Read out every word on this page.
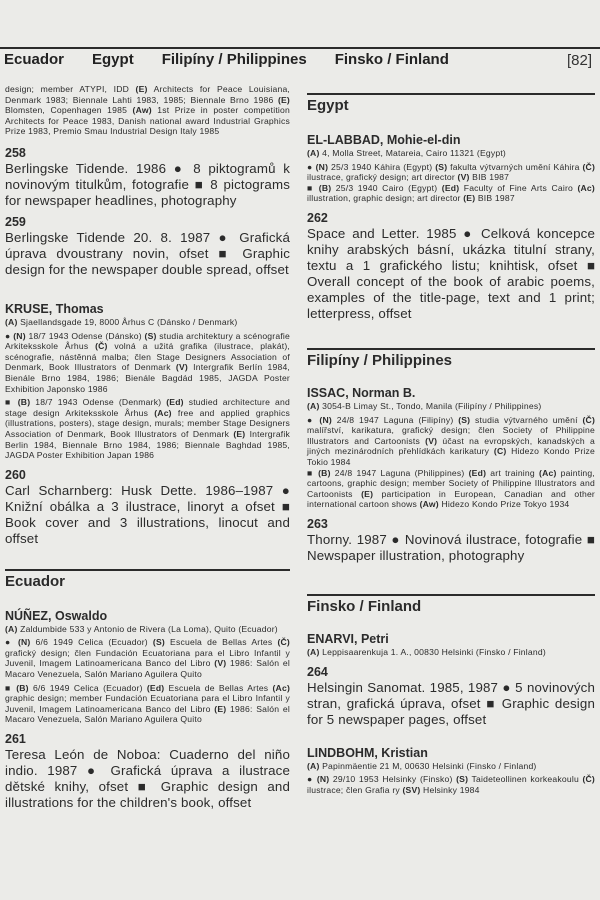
Ecuador Egypt Filipíny / Philippines Finsko / Finland	[82]

design; member ATYPI, IDD (E) Architects for Peace Louisiana, Denmark 1983; Biennale Lahti 1983, 1985; Biennale Brno 1986 (E) Blomsten, Copenhagen 1985 (Aw) 1st Prize in poster competition Architects for Peace 1983, Danish national award Industrial Graphics Prize 1983, Premio Smau Industrial Design Italy 1985

258

Berlingske Tidende. 1986 ● 8 piktogramů k novinovým titulkům, fotografie ■ 8 pictograms for newspaper headlines, photography

259

Berlingske Tidende 20. 8. 1987 ● Grafická úprava dvoustrany novin, ofset ■ Graphic design for the newspaper double spread, offset

KRUSE, Thomas

(A) Sjaellandsgade 19, 8000 Århus C (Dánsko / Denmark)

● (N) 18/7 1943 Odense (Dánsko) (S) studia architektury a scénografie Arkiteksskole Århus (Č) volná a užitá grafika (ilustrace, plakát), scénografie, nástěnná malba; člen Stage Designers Association of Denmark, Book Illustrators of Denmark (V) Intergrafik Berlín 1984, Bienále Brno 1984, 1986; Bienále Bagdád 1985, JAGDA Poster Exhibition Japonsko 1986

■ (B) 18/7 1943 Odense (Denmark) (Ed) studied architecture and stage design Arkiteksskole Århus (Ac) free and applied graphics (illustrations, posters), stage design, murals; member Stage Designers Association of Denmark, Book Illustrators of Denmark (E) Intergrafik Berlin 1984, Biennale Brno 1984, 1986; Biennale Baghdad 1985, JAGDA Poster Exhibition Japan 1986

260

Carl Scharnberg: Husk Dette. 1986–1987 ● Knižní obálka a 3 ilustrace, linoryt a ofset ■ Book cover and 3 illustrations, linocut and offset

Ecuador

NÚÑEZ, Oswaldo

(A) Zaldumbide 533 y Antonio de Rivera (La Loma), Quito (Ecuador)

● (N) 6/6 1949 Celica (Ecuador) (S) Escuela de Bellas Artes (Č) grafický design; člen Fundación Ecuatoriana para el Libro Infantil y Juvenil, Imagem Latinoamericana Banco del Libro (V) 1986: Salón el Macaro Venezuela, Salón Mariano Aguilera Quito

■ (B) 6/6 1949 Celica (Ecuador) (Ed) Escuela de Bellas Artes (Ac) graphic design; member Fundación Ecuatoriana para el Libro Infantil y Juvenil, Imagem Latinoamericana Banco del Libro (E) 1986: Salón el Macaro Venezuela, Salón Mariano Aguilera Quito

261

Teresa León de Noboa: Cuaderno del niño indio. 1987 ● Grafická úprava a ilustrace dětské knihy, ofset ■ Graphic design and illustrations for the children's book, offset

Egypt

EL-LABBAD, Mohie-el-din

(A) 4, Molla Street, Matareia, Cairo 11321 (Egypt)

● (N) 25/3 1940 Káhira (Egypt) (S) fakulta výtvarných umění Káhira (Č) ilustrace, grafický design; art director (V) BIB 1987

■ (B) 25/3 1940 Cairo (Egypt) (Ed) Faculty of Fine Arts Cairo (Ac) illustration, graphic design; art director (E) BIB 1987

262

Space and Letter. 1985 ● Celková koncepce knihy arabských básní, ukázka titulní strany, textu a 1 grafického listu; knihtisk, ofset ■ Overall concept of the book of arabic poems, examples of the title-page, text and 1 print; letterpress, offset

Filipíny / Philippines

ISSAC, Norman B.

(A) 3054-B Limay St., Tondo, Manila (Filipíny / Philippines)

● (N) 24/8 1947 Laguna (Filipíny) (S) studia výtvarného umění (Č) malířství, karikatura, grafický design; člen Society of Philippine Illustrators and Cartoonists (V) účast na evropských, kanadských a jiných mezinárodních přehlídkách karikatury (C) Hidezo Kondo Prize Tokio 1984

■ (B) 24/8 1947 Laguna (Philippines) (Ed) art training (Ac) painting, cartoons, graphic design; member Society of Philippine Illustrators and Cartoonists (E) participation in European, Canadian and other international cartoon shows (Aw) Hidezo Kondo Prize Tokyo 1934

263

Thorny. 1987 ● Novinová ilustrace, fotografie ■ Newspaper illustration, photography

Finsko / Finland

ENARVI, Petri

(A) Leppisaarenkuja 1. A., 00830 Helsinki (Finsko / Finland)

264

Helsingin Sanomat. 1985, 1987 ● 5 novinových stran, grafická úprava, ofset ■ Graphic design for 5 newspaper pages, offset

LINDBOHM, Kristian

(A) Papinmäentie 21 M, 00630 Helsinki (Finsko / Finland)

● (N) 29/10 1953 Helsinky (Finsko) (S) Taideteollinen korkeakoulu (Č) ilustrace; člen Grafia ry (SV) Helsinky 1984
